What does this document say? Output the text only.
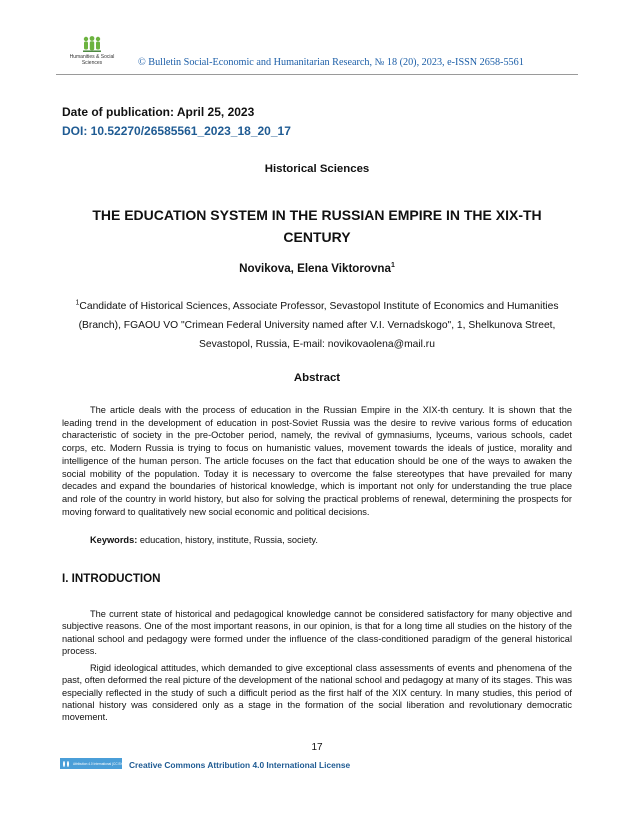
Humanities & Social
Sciences	© Bulletin Social-Economic and Humanitarian Research, № 18 (20), 2023, e-ISSN 2658-5561
Date of publication: April 25, 2023
DOI: 10.52270/26585561_2023_18_20_17
Historical Sciences
THE EDUCATION SYSTEM IN THE RUSSIAN EMPIRE IN THE XIX-TH CENTURY
Novikova, Elena Viktorovna$^1$
$^1$Candidate of Historical Sciences, Associate Professor, Sevastopol Institute of Economics and Humanities (Branch), FGAOU VO "Crimean Federal University named after V.I. Vernadskogo", 1, Shelkunova Street, Sevastopol, Russia, E-mail: novikovaolena@mail.ru
Abstract

The article deals with the process of education in the Russian Empire in the XIX-th century. It is shown that the leading trend in the development of education in post-Soviet Russia was the desire to revive various forms of education characteristic of society in the pre-October period, namely, the revival of gymnasiums, lyceums, various schools, cadet corps, etc. Modern Russia is trying to focus on humanistic values, movement towards the ideals of justice, morality and intelligence of the human person. The article focuses on the fact that education should be one of the ways to awaken the social mobility of the population. Today it is necessary to overcome the false stereotypes that have prevailed for many decades and expand the boundaries of historical knowledge, which is important not only for understanding the true place and role of the country in world history, but also for solving the practical problems of renewal, determining the prospects for moving forward to qualitatively new social economic and political decisions.

Keywords: education, history, institute, Russia, society.
I. INTRODUCTION

The current state of historical and pedagogical knowledge cannot be considered satisfactory for many objective and subjective reasons. One of the most important reasons, in our opinion, is that for a long time all studies on the history of the national school and pedagogy were formed under the influence of the class-conditioned paradigm of the general historical process.

Rigid ideological attitudes, which demanded to give exceptional class assessments of events and phenomena of the past, often deformed the real picture of the development of the national school and pedagogy at many of its stages. This was especially reflected in the study of such a difficult period as the first half of the XIX century. In many studies, this period of national history was considered only as a stage in the formation of the social liberation and revolutionary democratic movement.

17
Attribution 4.0 International (CC BY 4.0) Creative Commons Attribution 4.0 International License
